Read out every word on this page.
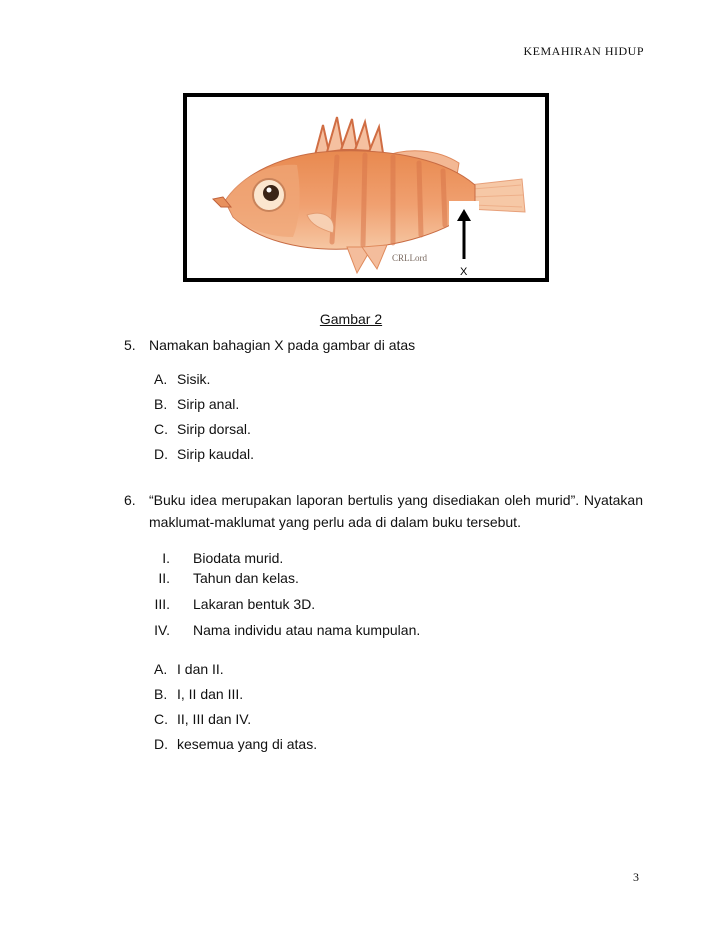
KEMAHIRAN HIDUP
CRLLord
X
Gambar 2
5. Namakan bahagian X pada gambar di atas
A. Sisik.
B. Sirip anal.
C. Sirip dorsal.
D. Sirip kaudal.
6. “Buku idea merupakan laporan bertulis yang disediakan oleh murid”. Nyatakan maklumat-maklumat yang perlu ada di dalam buku tersebut.
I. Biodata murid.
II. Tahun dan kelas.
III. Lakaran bentuk 3D.
IV. Nama individu atau nama kumpulan.
A. I dan II.
B. I, II dan III.
C. II, III dan IV.
D. kesemua yang di atas.
3
